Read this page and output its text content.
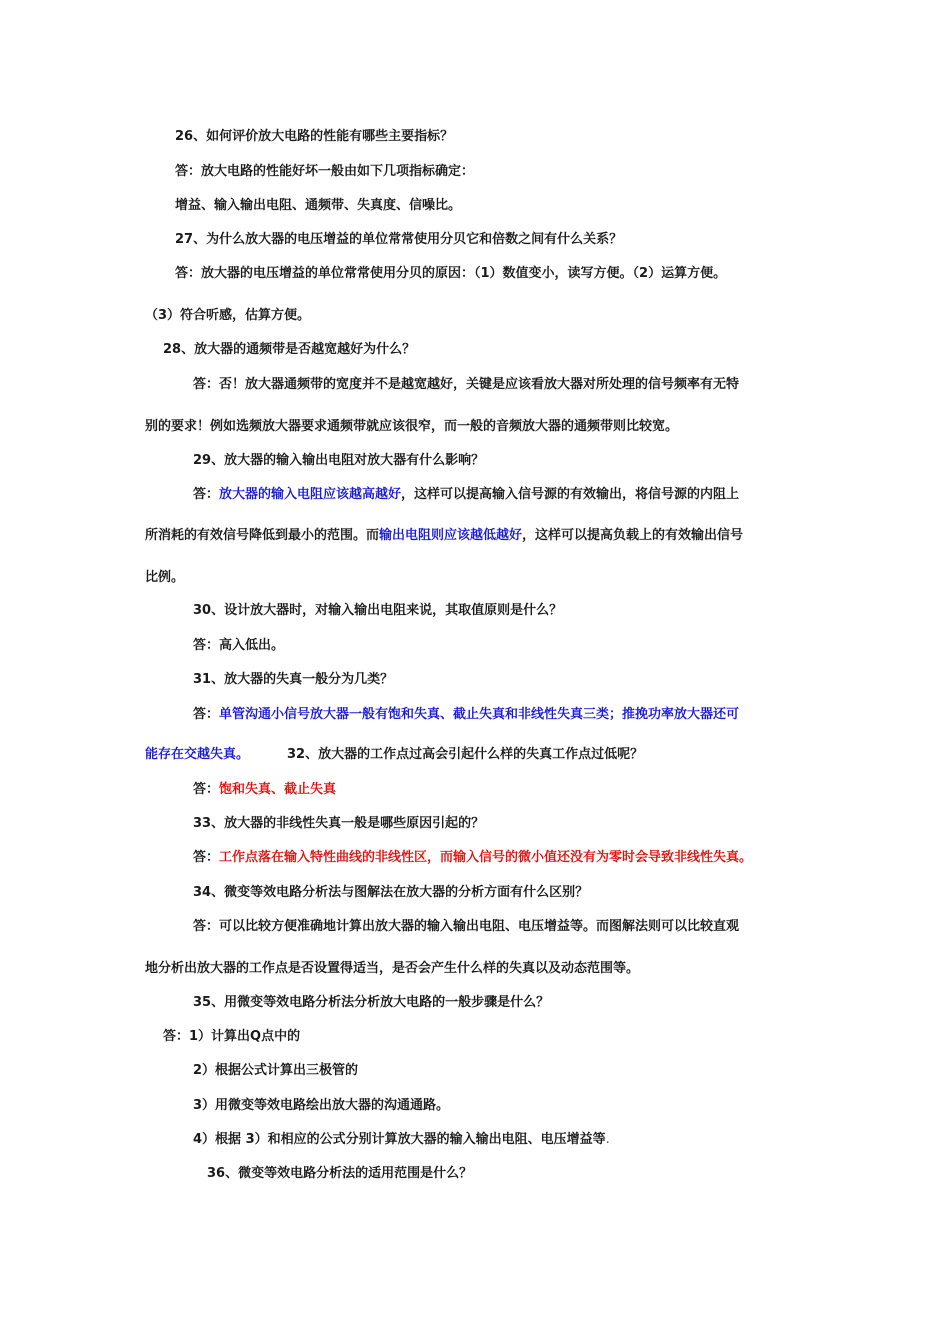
26、如何评价放大电路的性能有哪些主要指标？
答：放大电路的性能好坏一般由如下几项指标确定：
增益、输入输出电阻、通频带、失真度、信噪比。
27、为什么放大器的电压增益的单位常常使用分贝它和倍数之间有什么关系？
答：放大器的电压增益的单位常常使用分贝的原因：（1）数值变小，读写方便。（2）运算方便。
（3）符合听感，估算方便。
28、放大器的通频带是否越宽越好为什么？
答：否！放大器通频带的宽度并不是越宽越好，关键是应该看放大器对所处理的信号频率有无特
别的要求！例如选频放大器要求通频带就应该很窄，而一般的音频放大器的通频带则比较宽。
29、放大器的输入输出电阻对放大器有什么影响？
答：放大器的输入电阻应该越高越好，这样可以提高输入信号源的有效输出，将信号源的内阻上
所消耗的有效信号降低到最小的范围。而输出电阻则应该越低越好，这样可以提高负载上的有效输出信号
比例。
30、设计放大器时，对输入输出电阻来说，其取值原则是什么？
答：高入低出。
31、放大器的失真一般分为几类？
答：单管沟通小信号放大器一般有饱和失真、截止失真和非线性失真三类；推挽功率放大器还可
能存在交越失真。	32、放大器的工作点过高会引起什么样的失真工作点过低呢？
答：饱和失真、截止失真
33、放大器的非线性失真一般是哪些原因引起的？
答：工作点落在输入特性曲线的非线性区，而输入信号的微小值还没有为零时会导致非线性失真。
34、微变等效电路分析法与图解法在放大器的分析方面有什么区别？
答：可以比较方便准确地计算出放大器的输入输出电阻、电压增益等。而图解法则可以比较直观
地分析出放大器的工作点是否设置得适当，是否会产生什么样的失真以及动态范围等。
35、用微变等效电路分析法分析放大电路的一般步骤是什么？
答：1）计算出Q点中的
2）根据公式计算出三极管的
3）用微变等效电路绘出放大器的沟通通路。
4）根据 3）和相应的公式分别计算放大器的输入输出电阻、电压增益等.
36、微变等效电路分析法的适用范围是什么？
